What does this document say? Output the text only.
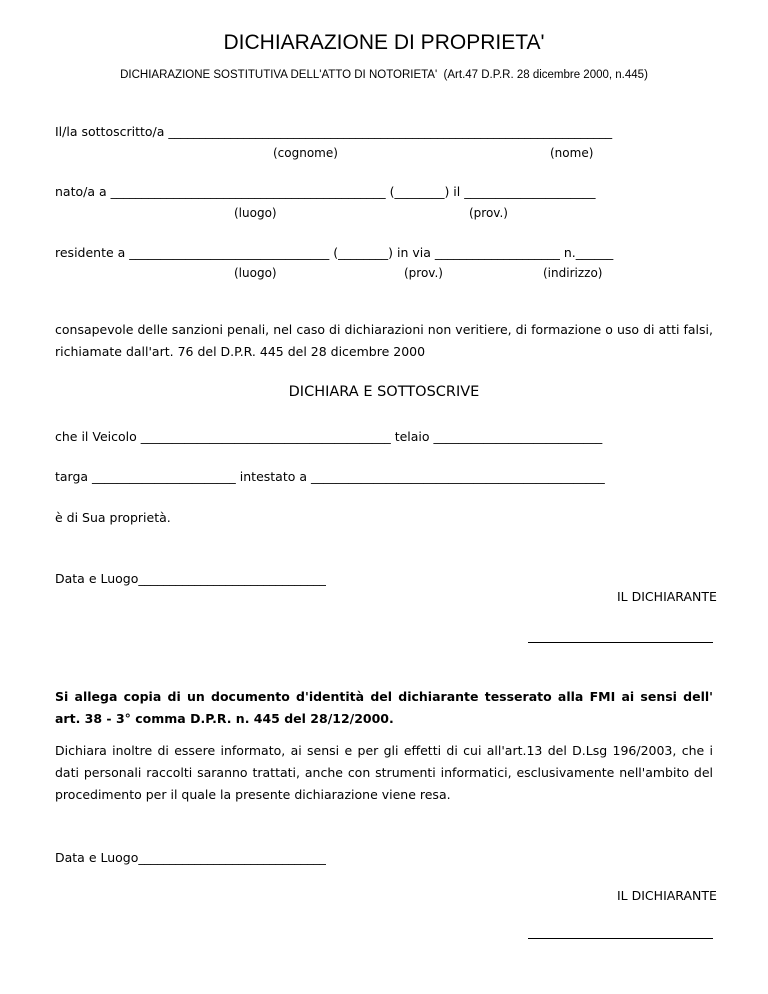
DICHIARAZIONE DI PROPRIETA'
DICHIARAZIONE SOSTITUTIVA DELL'ATTO DI NOTORIETA'  (Art.47 D.P.R. 28 dicembre 2000, n.445)
Il/la sottoscritto/a _______________________________________________________________________
(cognome)	(nome)
nato/a a ____________________________________________ (________) il _____________________
(luogo)	(prov.)
residente a ________________________________ (________) in via ____________________ n.______
(luogo)	(prov.)	(indirizzo)
consapevole delle sanzioni penali, nel caso di dichiarazioni non veritiere, di formazione o uso di atti falsi, richiamate dall'art. 76 del D.P.R. 445 del 28 dicembre 2000
DICHIARA E SOTTOSCRIVE
che il Veicolo ________________________________________ telaio ___________________________
targa _______________________ intestato a _______________________________________________
è di Sua proprietà.
Data e Luogo______________________________
IL DICHIARANTE
Si allega copia di un documento d'identità del dichiarante tesserato alla FMI ai sensi dell' art. 38 - 3° comma D.P.R. n. 445 del 28/12/2000.
Dichiara inoltre di essere informato, ai sensi e per gli effetti di cui all'art.13 del D.Lsg 196/2003, che i dati personali raccolti saranno trattati, anche con strumenti informatici, esclusivamente nell'ambito del procedimento per il quale la presente dichiarazione viene resa.
Data e Luogo______________________________
IL DICHIARANTE
